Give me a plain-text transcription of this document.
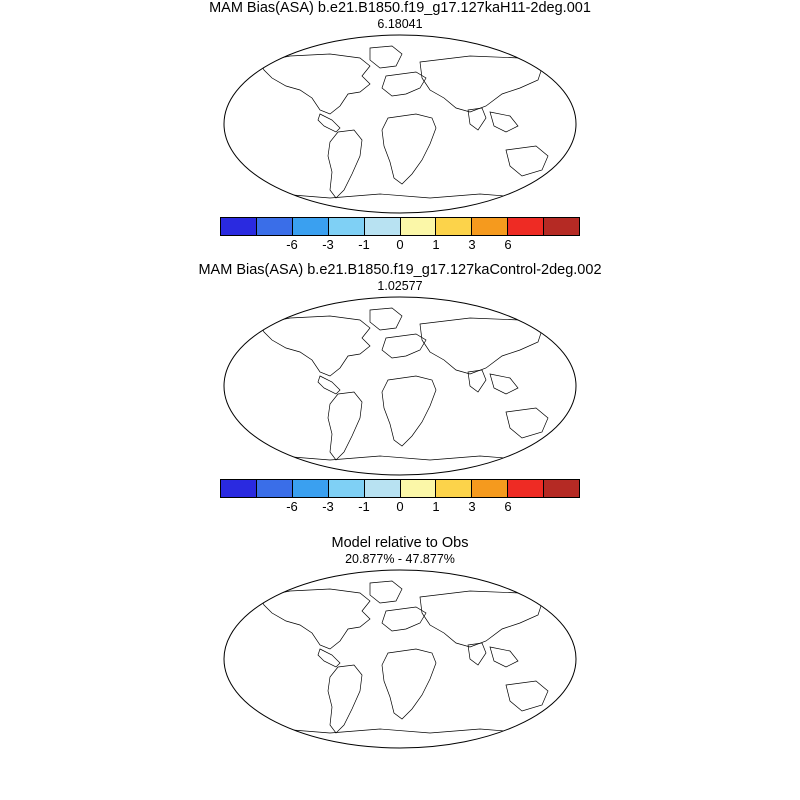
MAM Bias(ASA) b.e21.B1850.f19_g17.127kaH11-2deg.001
6.18041
-6 -3 -1 0 1 3 6
MAM Bias(ASA) b.e21.B1850.f19_g17.127kaControl-2deg.002
1.02577
-6 -3 -1 0 1 3 6
Model relative to Obs
20.877% - 47.877%
